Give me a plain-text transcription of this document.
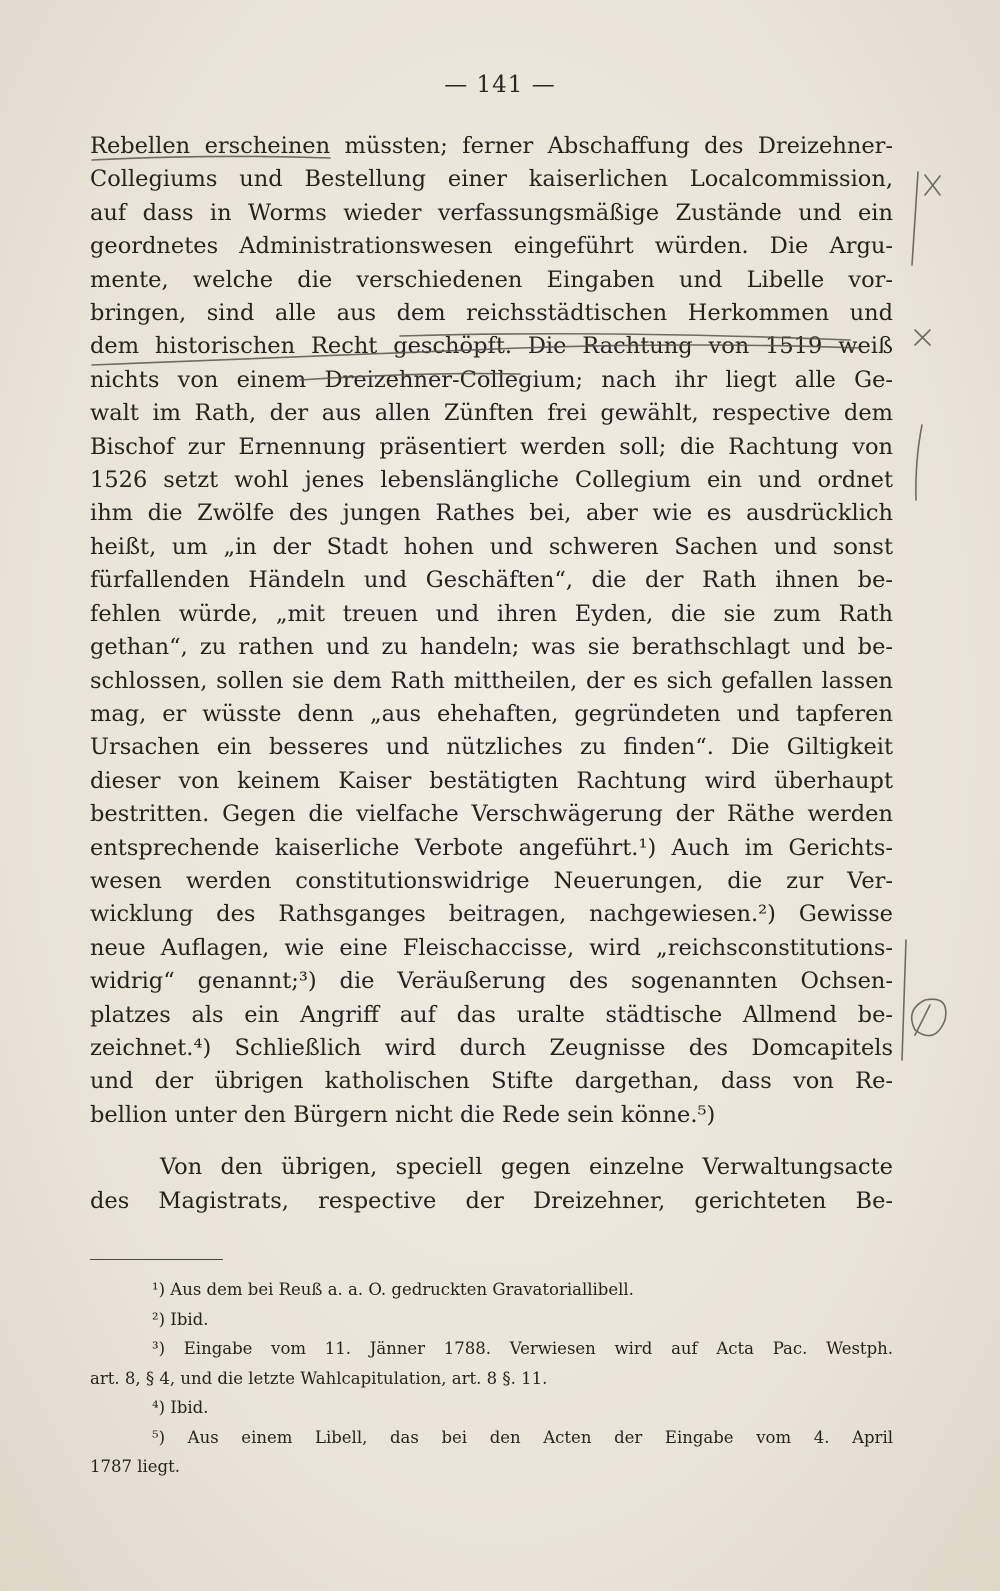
— 141 —
Rebellen erscheinen müssten; ferner Abschaffung des Dreizehner-
Collegiums und Bestellung einer kaiserlichen Localcommission,
auf dass in Worms wieder verfassungsmäßige Zustände und ein
geordnetes Administrationswesen eingeführt würden. Die Argu-
mente, welche die verschiedenen Eingaben und Libelle vor-
bringen, sind alle aus dem reichsstädtischen Herkommen und
dem historischen Recht geschöpft. Die Rachtung von 1519 weiß
nichts von einem Dreizehner-Collegium; nach ihr liegt alle Ge-
walt im Rath, der aus allen Zünften frei gewählt, respective dem
Bischof zur Ernennung präsentiert werden soll; die Rachtung von
1526 setzt wohl jenes lebenslängliche Collegium ein und ordnet
ihm die Zwölfe des jungen Rathes bei, aber wie es ausdrücklich
heißt, um „in der Stadt hohen und schweren Sachen und sonst
fürfallenden Händeln und Geschäften“, die der Rath ihnen be-
fehlen würde, „mit treuen und ihren Eyden, die sie zum Rath
gethan“, zu rathen und zu handeln; was sie berathschlagt und be-
schlossen, sollen sie dem Rath mittheilen, der es sich gefallen lassen
mag, er wüsste denn „aus ehehaften, gegründeten und tapferen
Ursachen ein besseres und nützliches zu finden“. Die Giltigkeit
dieser von keinem Kaiser bestätigten Rachtung wird überhaupt
bestritten. Gegen die vielfache Verschwägerung der Räthe werden
entsprechende kaiserliche Verbote angeführt.¹) Auch im Gerichts-
wesen werden constitutionswidrige Neuerungen, die zur Ver-
wicklung des Rathsganges beitragen, nachgewiesen.²) Gewisse
neue Auflagen, wie eine Fleischaccisse, wird „reichsconstitutions-
widrig“ genannt;³) die Veräußerung des sogenannten Ochsen-
platzes als ein Angriff auf das uralte städtische Allmend be-
zeichnet.⁴) Schließlich wird durch Zeugnisse des Domcapitels
und der übrigen katholischen Stifte dargethan, dass von Re-
bellion unter den Bürgern nicht die Rede sein könne.⁵)
Von den übrigen, speciell gegen einzelne Verwaltungsacte
des Magistrats, respective der Dreizehner, gerichteten Be-
¹) Aus dem bei Reuß a. a. O. gedruckten Gravatoriallibell.
²) Ibid.
³) Eingabe vom 11. Jänner 1788. Verwiesen wird auf Acta Pac. Westph.
art. 8, § 4, und die letzte Wahlcapitulation, art. 8 §. 11.
⁴) Ibid.
⁵) Aus einem Libell, das bei den Acten der Eingabe vom 4. April
1787 liegt.
